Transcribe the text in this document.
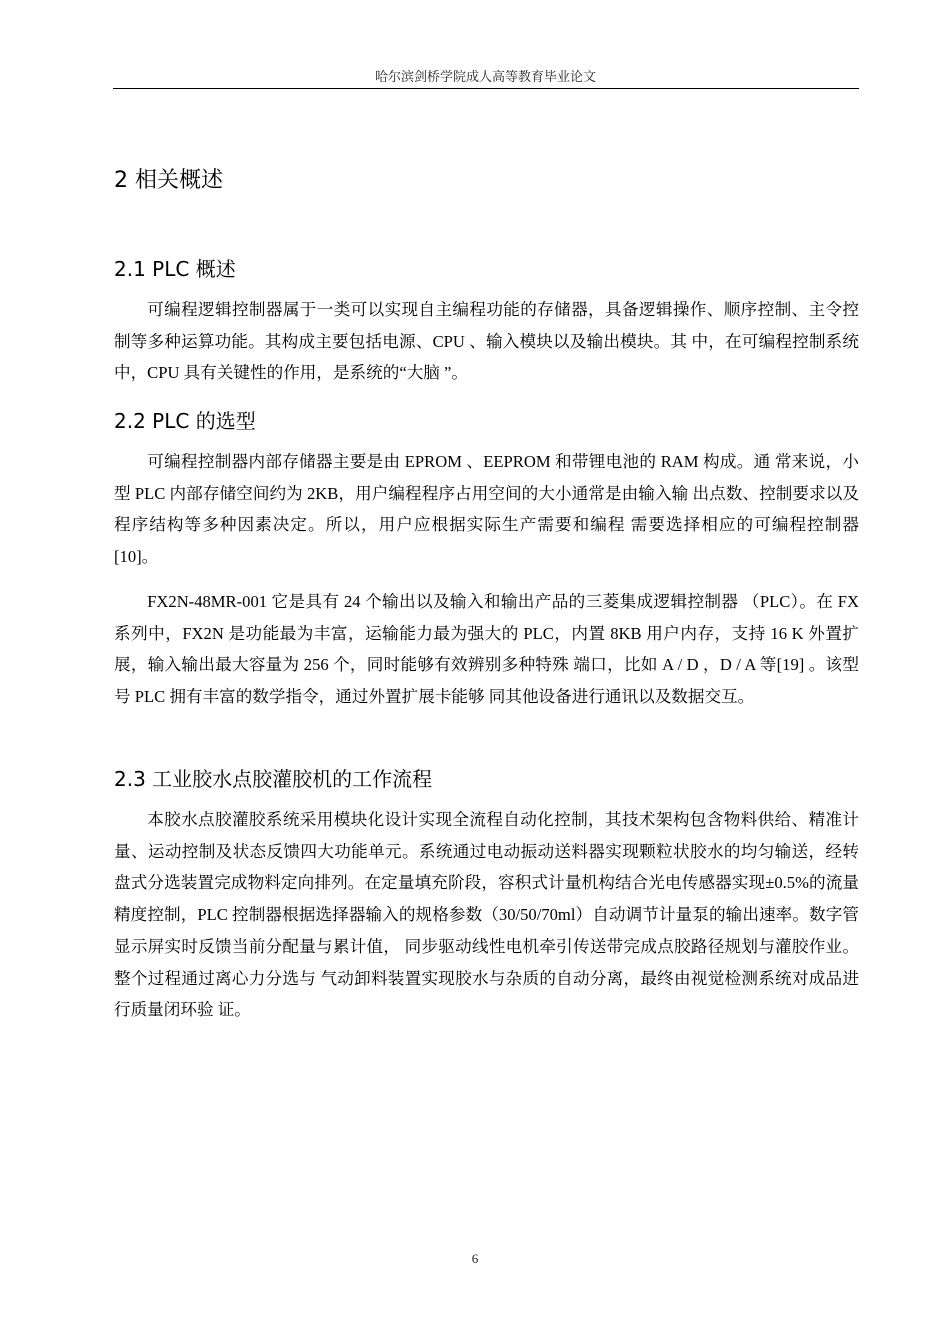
哈尔滨剑桥学院成人高等教育毕业论文
2 相关概述
2.1 PLC 概述

可编程逻辑控制器属于一类可以实现自主编程功能的存储器，具备逻辑操作、顺序控制、主令控制等多种运算功能。其构成主要包括电源、CPU 、输入模块以及输出模块。其 中，在可编程控制系统中，CPU 具有关键性的作用，是系统的“大脑 ”。

2.2 PLC 的选型

可编程控制器内部存储器主要是由 EPROM 、EEPROM 和带锂电池的 RAM 构成。通 常来说，小型 PLC 内部存储空间约为 2KB，用户编程程序占用空间的大小通常是由输入输 出点数、控制要求以及程序结构等多种因素决定。所以，用户应根据实际生产需要和编程 需要选择相应的可编程控制器[10]。

FX2N-48MR-001 它是具有 24 个输出以及输入和输出产品的三菱集成逻辑控制器 （PLC）。在 FX 系列中，FX2N 是功能最为丰富，运输能力最为强大的 PLC，内置 8KB 用户内存，支持 16 K 外置扩展，输入输出最大容量为 256 个，同时能够有效辨别多种特殊 端口，比如 A / D ，D / A 等[19] 。该型号 PLC 拥有丰富的数学指令，通过外置扩展卡能够 同其他设备进行通讯以及数据交互。

2.3 工业胶水点胶灌胶机的工作流程

本胶水点胶灌胶系统采用模块化设计实现全流程自动化控制，其技术架构包含物料供给、精准计量、运动控制及状态反馈四大功能单元。系统通过电动振动送料器实现颗粒状胶水的均匀输送，经转盘式分选装置完成物料定向排列。在定量填充阶段，容积式计量机构结合光电传感器实现±0.5%的流量精度控制，PLC 控制器根据选择器输入的规格参数（30/50/70ml）自动调节计量泵的输出速率。数字管显示屏实时反馈当前分配量与累计值， 同步驱动线性电机牵引传送带完成点胶路径规划与灌胶作业。整个过程通过离心力分选与 气动卸料装置实现胶水与杂质的自动分离，最终由视觉检测系统对成品进行质量闭环验 证。

6
